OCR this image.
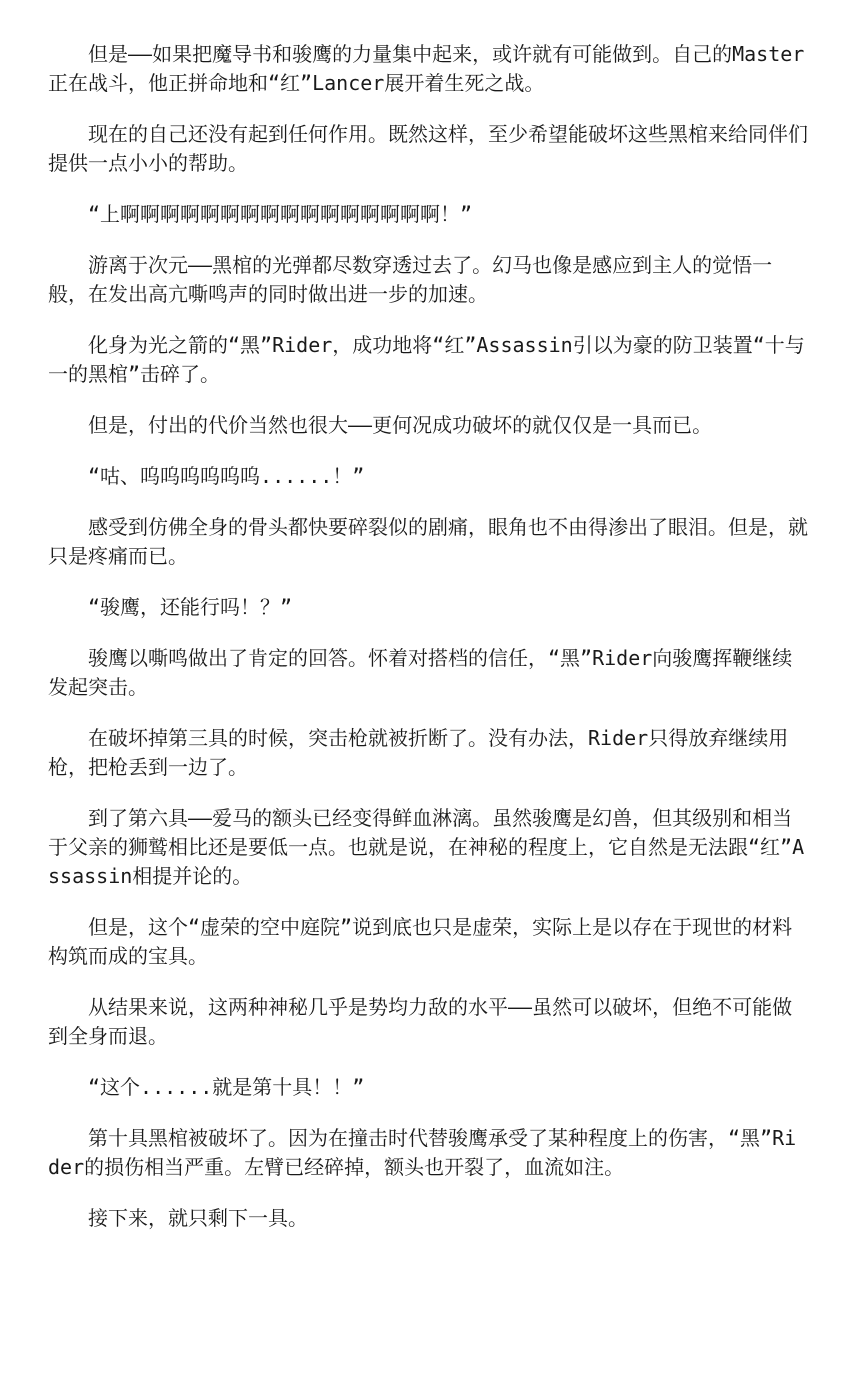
但是——如果把魔导书和骏鹰的力量集中起来，或许就有可能做到。自己的Master正在战斗，他正拼命地和“红”Lancer展开着生死之战。

现在的自己还没有起到任何作用。既然这样，至少希望能破坏这些黑棺来给同伴们提供一点小小的帮助。

“上啊啊啊啊啊啊啊啊啊啊啊啊啊啊啊啊！”

游离于次元——黑棺的光弹都尽数穿透过去了。幻马也像是感应到主人的觉悟一般，在发出高亢嘶鸣声的同时做出进一步的加速。

化身为光之箭的“黑”Rider，成功地将“红”Assassin引以为豪的防卫装置“十与一的黑棺”击碎了。

但是，付出的代价当然也很大——更何况成功破坏的就仅仅是一具而已。

“咕、呜呜呜呜呜呜......！”

感受到仿佛全身的骨头都快要碎裂似的剧痛，眼角也不由得渗出了眼泪。但是，就只是疼痛而已。

“骏鹰，还能行吗！？”

骏鹰以嘶鸣做出了肯定的回答。怀着对搭档的信任，“黑”Rider向骏鹰挥鞭继续发起突击。

在破坏掉第三具的时候，突击枪就被折断了。没有办法，Rider只得放弃继续用枪，把枪丢到一边了。

到了第六具——爱马的额头已经变得鲜血淋漓。虽然骏鹰是幻兽，但其级别和相当于父亲的狮鹫相比还是要低一点。也就是说，在神秘的程度上，它自然是无法跟“红”Assassin相提并论的。

但是，这个“虚荣的空中庭院”说到底也只是虚荣，实际上是以存在于现世的材料构筑而成的宝具。

从结果来说，这两种神秘几乎是势均力敌的水平——虽然可以破坏，但绝不可能做到全身而退。

“这个......就是第十具！！”

第十具黑棺被破坏了。因为在撞击时代替骏鹰承受了某种程度上的伤害，“黑”Rider的损伤相当严重。左臂已经碎掉，额头也开裂了，血流如注。

接下来，就只剩下一具。
